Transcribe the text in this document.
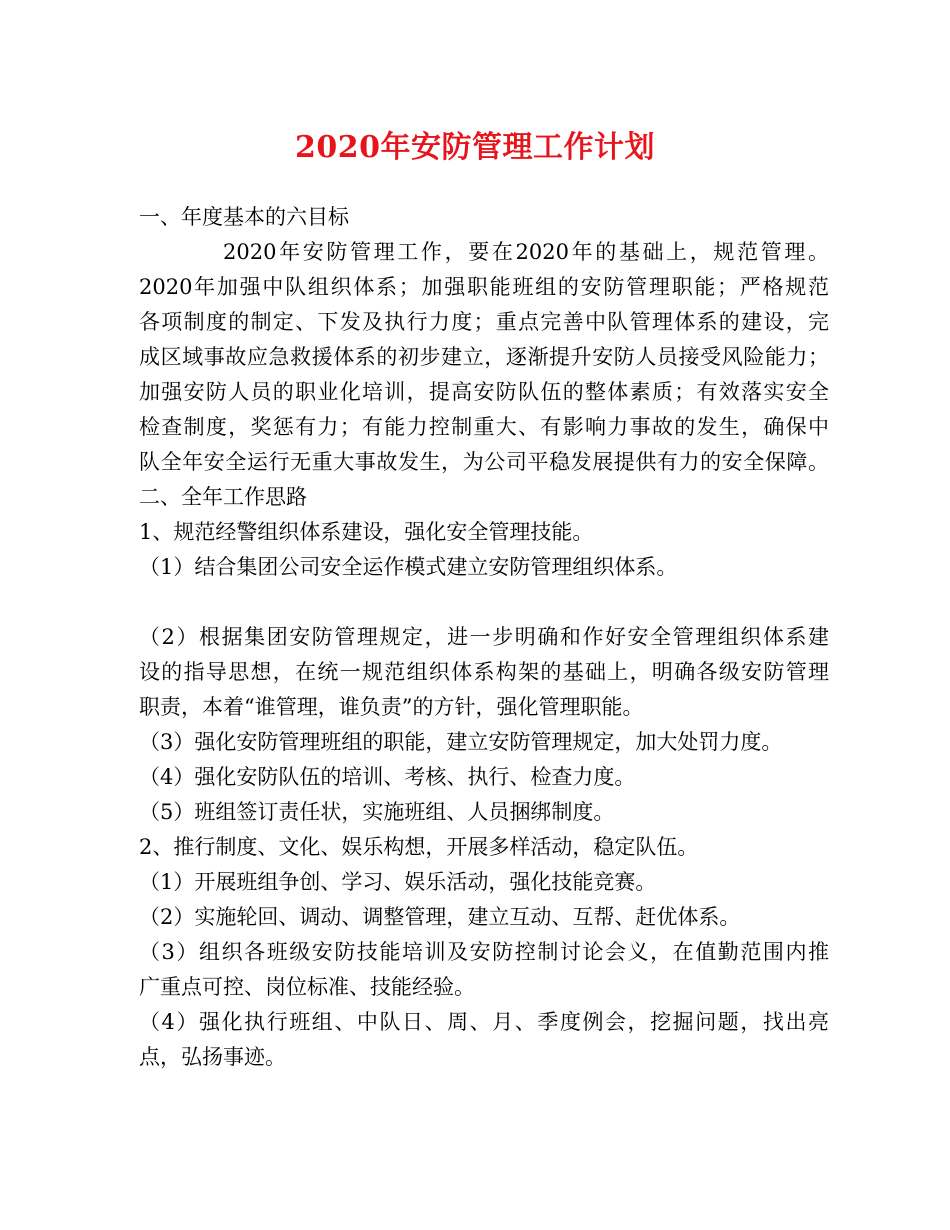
2020年安防管理工作计划
一、年度基本的六目标
2020年安防管理工作，要在2020年的基础上，规范管理。
2020年加强中队组织体系；加强职能班组的安防管理职能；严格规范
各项制度的制定、下发及执行力度；重点完善中队管理体系的建设，完
成区域事故应急救援体系的初步建立，逐渐提升安防人员接受风险能力；
加强安防人员的职业化培训，提高安防队伍的整体素质；有效落实安全
检查制度，奖惩有力；有能力控制重大、有影响力事故的发生，确保中
队全年安全运行无重大事故发生，为公司平稳发展提供有力的安全保障。
二、全年工作思路
1、规范经警组织体系建设，强化安全管理技能。
（1）结合集团公司安全运作模式建立安防管理组织体系。
（2）根据集团安防管理规定，进一步明确和作好安全管理组织体系建
设的指导思想，在统一规范组织体系构架的基础上，明确各级安防管理
职责，本着“谁管理，谁负责”的方针，强化管理职能。
（3）强化安防管理班组的职能，建立安防管理规定，加大处罚力度。
（4）强化安防队伍的培训、考核、执行、检查力度。
（5）班组签订责任状，实施班组、人员捆绑制度。
2、推行制度、文化、娱乐构想，开展多样活动，稳定队伍。
（1）开展班组争创、学习、娱乐活动，强化技能竞赛。
（2）实施轮回、调动、调整管理，建立互动、互帮、赶优体系。
（3）组织各班级安防技能培训及安防控制讨论会义，在值勤范围内推
广重点可控、岗位标准、技能经验。
（4）强化执行班组、中队日、周、月、季度例会，挖掘问题，找出亮
点，弘扬事迹。
